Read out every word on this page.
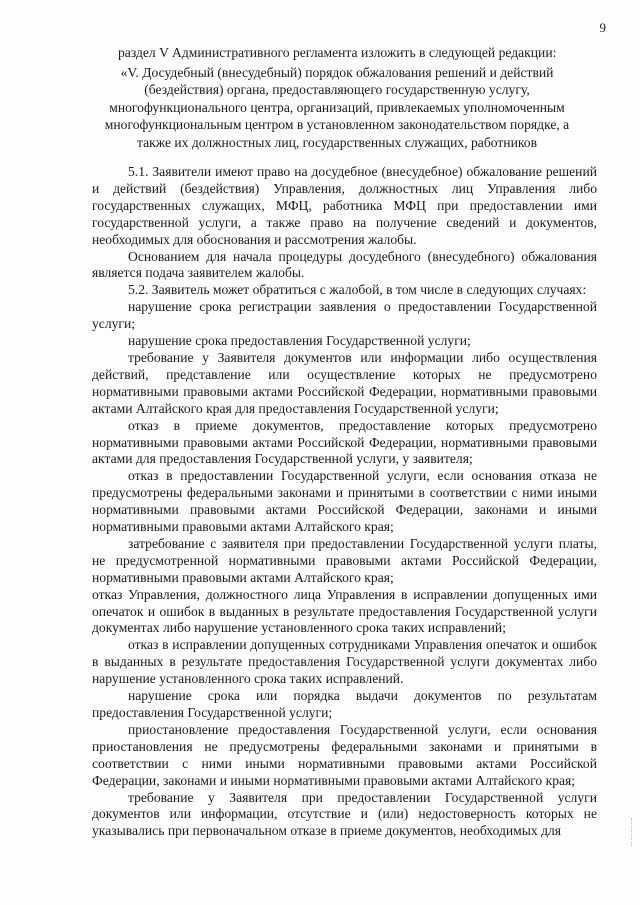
9
раздел V Административного регламента изложить в следующей редакции:
«V. Досудебный (внесудебный) порядок обжалования решений и действий (бездействия) органа, предоставляющего государственную услугу, многофункционального центра, организаций, привлекаемых уполномоченным многофункциональным центром в установленном законодательством порядке, а также их должностных лиц, государственных служащих, работников

5.1. Заявители имеют право на досудебное (внесудебное) обжалование решений и действий (бездействия) Управления, должностных лиц Управления либо государственных служащих, МФЦ, работника МФЦ при предоставлении ими государственной услуги, а также право на получение сведений и документов, необходимых для обоснования и рассмотрения жалобы.

Основанием для начала процедуры досудебного (внесудебного) обжалования является подача заявителем жалобы.

5.2. Заявитель может обратиться с жалобой, в том числе в следующих случаях:

нарушение срока регистрации заявления о предоставлении Государственной услуги;

нарушение срока предоставления Государственной услуги;

требование у Заявителя документов или информации либо осуществления действий, представление или осуществление которых не предусмотрено нормативными правовыми актами Российской Федерации, нормативными правовыми актами Алтайского края для предоставления Государственной услуги;

отказ в приеме документов, предоставление которых предусмотрено нормативными правовыми актами Российской Федерации, нормативными правовыми актами для предоставления Государственной услуги, у заявителя;

отказ в предоставлении Государственной услуги, если основания отказа не предусмотрены федеральными законами и принятыми в соответствии с ними иными нормативными правовыми актами Российской Федерации, законами и иными нормативными правовыми актами Алтайского края;

затребование с заявителя при предоставлении Государственной услуги платы, не предусмотренной нормативными правовыми актами Российской Федерации, нормативными правовыми актами Алтайского края;

отказ Управления, должностного лица Управления в исправлении допущенных ими опечаток и ошибок в выданных в результате предоставления Государственной услуги документах либо нарушение установленного срока таких исправлений;

отказ в исправлении допущенных сотрудниками Управления опечаток и ошибок в выданных в результате предоставления Государственной услуги документах либо нарушение установленного срока таких исправлений.

нарушение срока или порядка выдачи документов по результатам предоставления Государственной услуги;

приостановление предоставления Государственной услуги, если основания приостановления не предусмотрены федеральными законами и принятыми в соответствии с ними иными нормативными правовыми актами Российской Федерации, законами и иными нормативными правовыми актами Алтайского края;

требование у Заявителя при предоставлении Государственной услуги документов или информации, отсутствие и (или) недостоверность которых не указывались при первоначальном отказе в приеме документов, необходимых для
